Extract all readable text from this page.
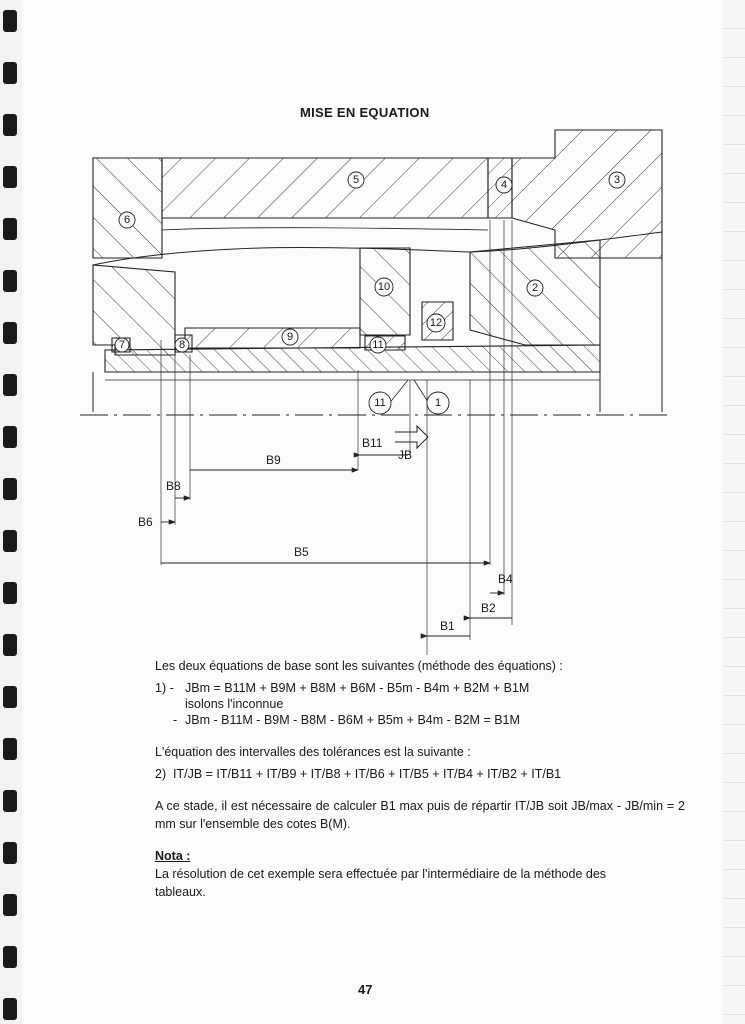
MISE EN EQUATION
5	3
4
6
2
10
12
9
8
7	11
11	1
B11
JB
B9
B8
B6
B5
B4
B2
B1

Les deux équations de base sont les suivantes (méthode des équations) :

1) - JBm = B11M + B9M + B8M + B6M - B5m - B4m + B2M + B1M
isolons l'inconnue
- JBm - B11M - B9M - B8M - B6M + B5m + B4m - B2M = B1M

L'équation des intervalles des tolérances est la suivante :

2) IT/JB = IT/B11 + IT/B9 + IT/B8 + IT/B6 + IT/B5 + IT/B4 + IT/B2 + IT/B1

A ce stade, il est nécessaire de calculer B1 max puis de répartir IT/JB soit JB/max - JB/min = 2 mm sur l'ensemble des cotes B(M).

Nota : La résolution de cet exemple sera effectuée par l'intermédiaire de la méthode des tableaux.
47
